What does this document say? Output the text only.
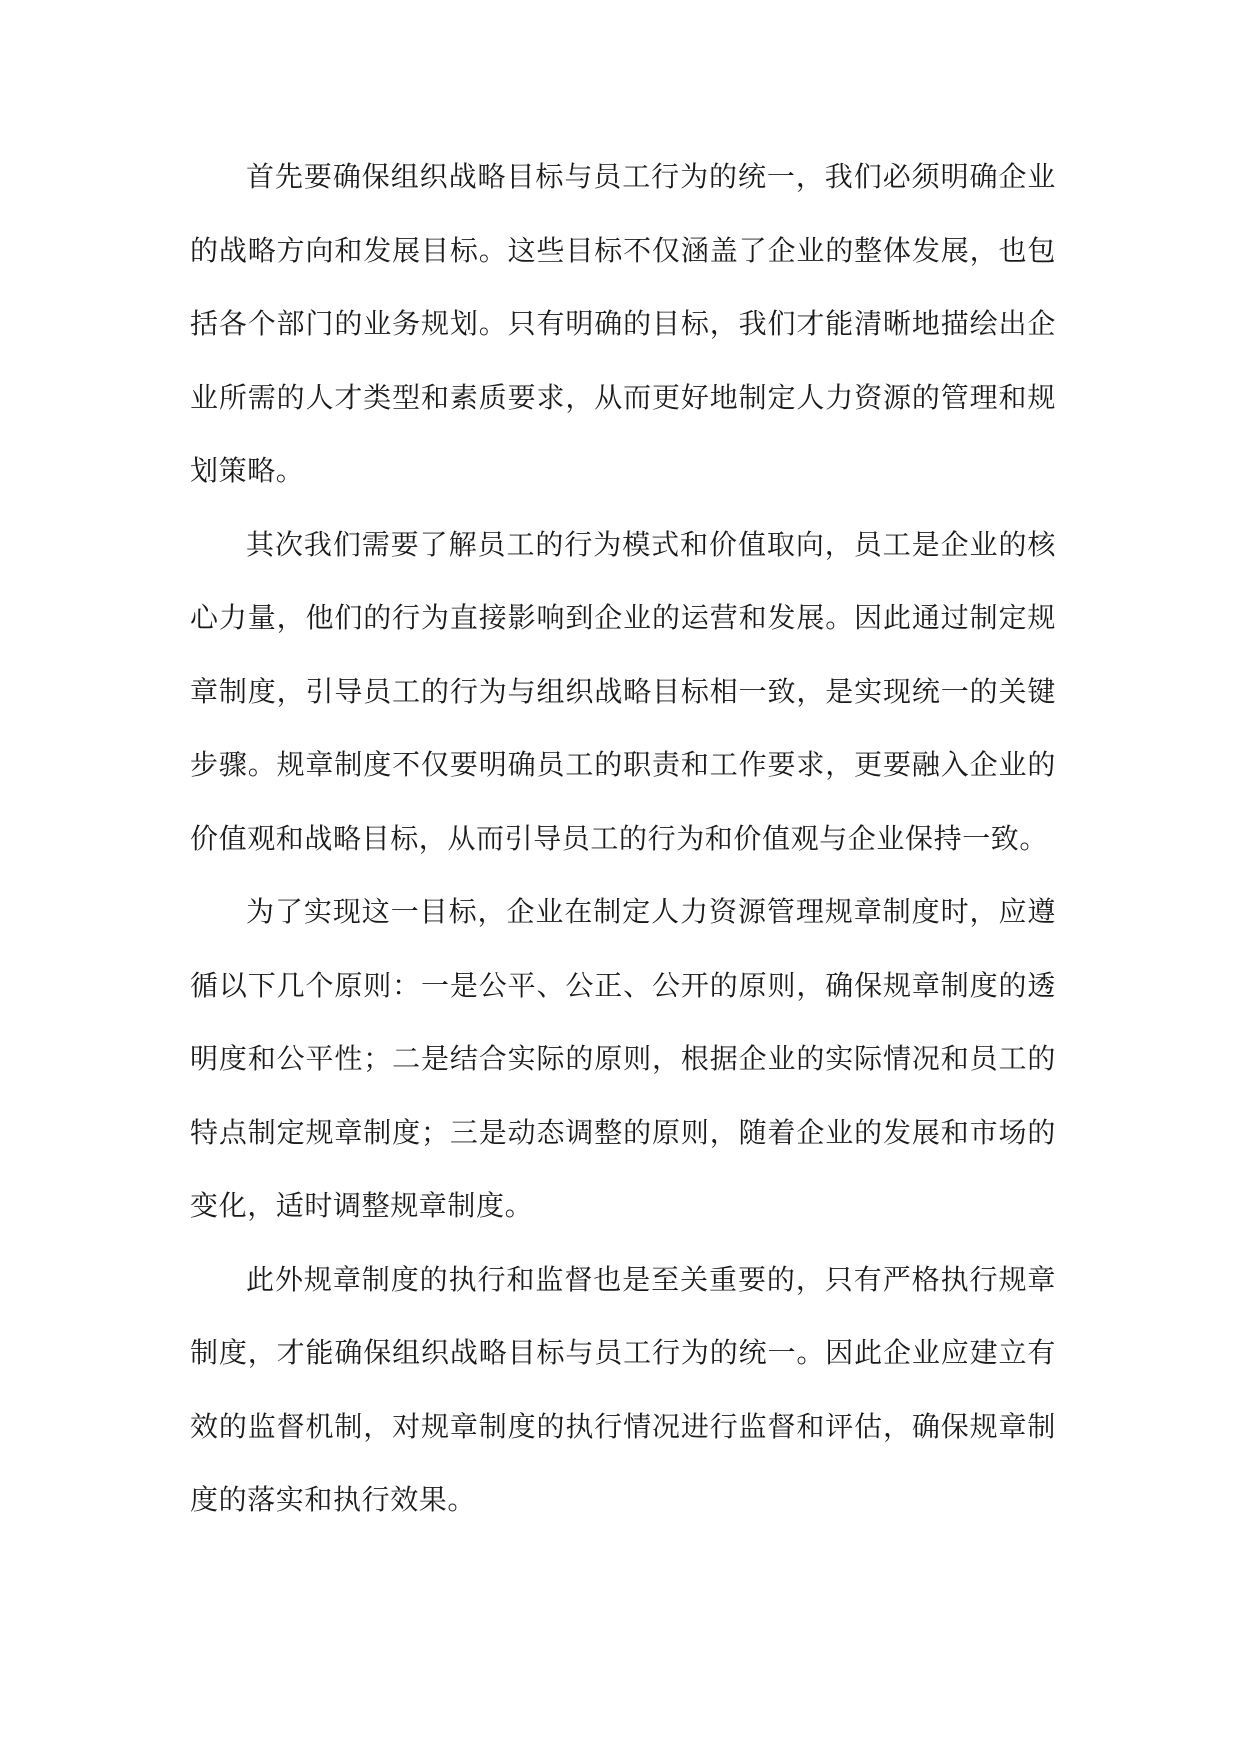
首先要确保组织战略目标与员工行为的统一，我们必须明确企业的战略方向和发展目标。这些目标不仅涵盖了企业的整体发展，也包括各个部门的业务规划。只有明确的目标，我们才能清晰地描绘出企业所需的人才类型和素质要求，从而更好地制定人力资源的管理和规划策略。

其次我们需要了解员工的行为模式和价值取向，员工是企业的核心力量，他们的行为直接影响到企业的运营和发展。因此通过制定规章制度，引导员工的行为与组织战略目标相一致，是实现统一的关键步骤。规章制度不仅要明确员工的职责和工作要求，更要融入企业的价值观和战略目标，从而引导员工的行为和价值观与企业保持一致。

为了实现这一目标，企业在制定人力资源管理规章制度时，应遵循以下几个原则：一是公平、公正、公开的原则，确保规章制度的透明度和公平性；二是结合实际的原则，根据企业的实际情况和员工的特点制定规章制度；三是动态调整的原则，随着企业的发展和市场的变化，适时调整规章制度。

此外规章制度的执行和监督也是至关重要的，只有严格执行规章制度，才能确保组织战略目标与员工行为的统一。因此企业应建立有效的监督机制，对规章制度的执行情况进行监督和评估，确保规章制度的落实和执行效果。
